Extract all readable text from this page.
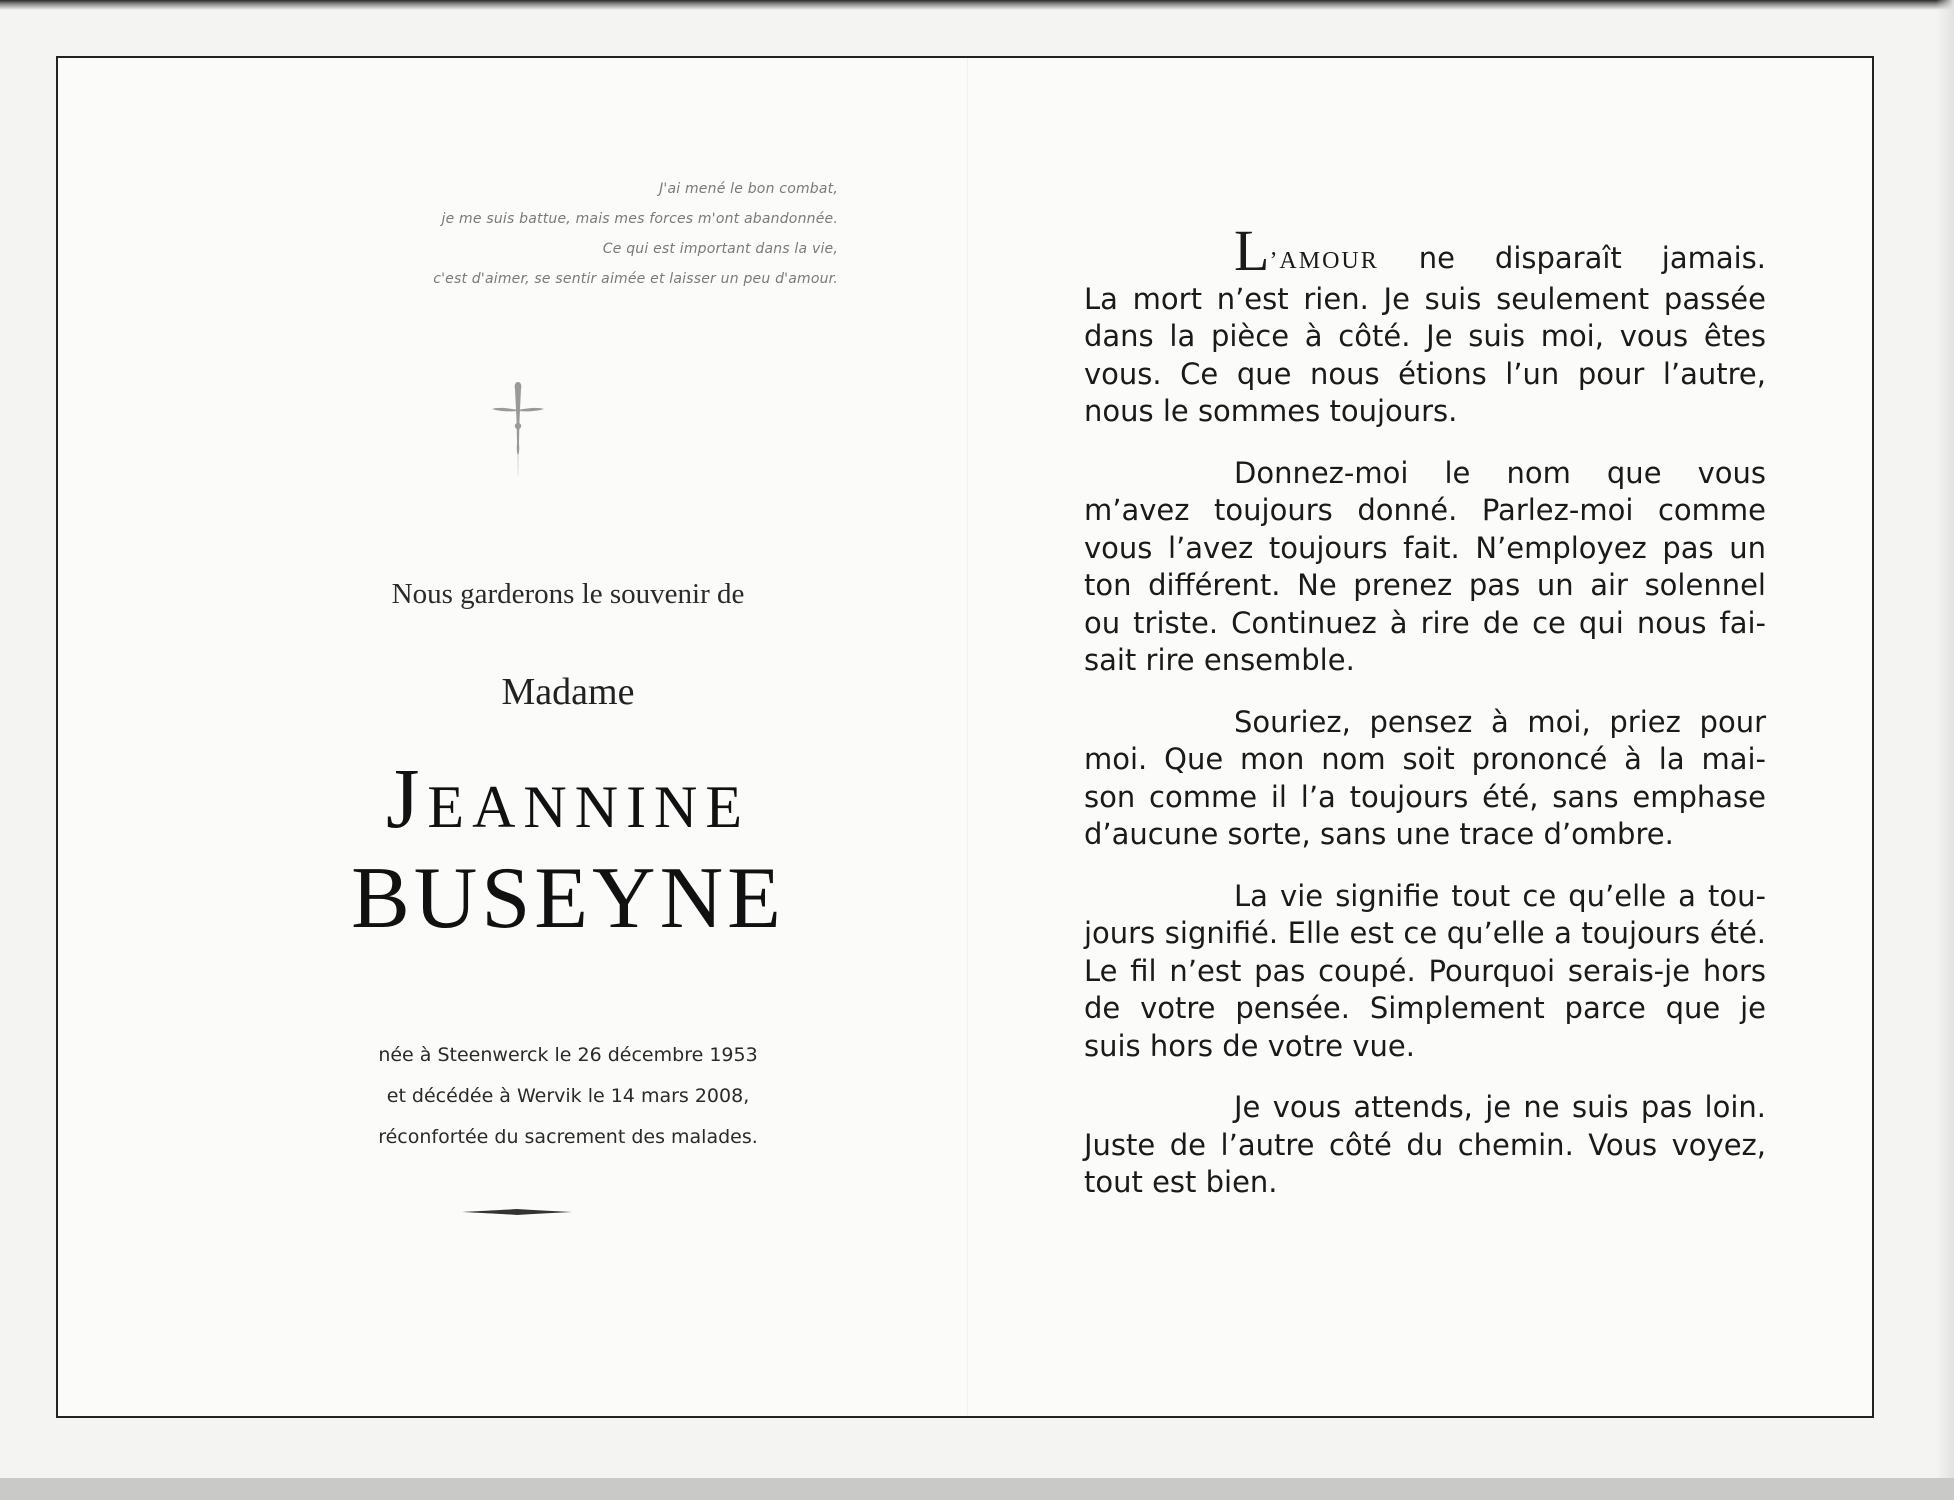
J'ai mené le bon combat,
je me suis battue, mais mes forces m'ont abandonnée.
Ce qui est important dans la vie,
c'est d'aimer, se sentir aimée et laisser un peu d'amour.
Nous garderons le souvenir de
Madame
JEANNINE
BUSEYNE
née à Steenwerck le 26 décembre 1953
et décédée à Wervik le 14 mars 2008,
réconfortée du sacrement des malades.
L’AMOUR ne disparaît jamais.
La mort n’est rien. Je suis seulement passée
dans la pièce à côté. Je suis moi, vous êtes
vous. Ce que nous étions l’un pour l’autre,
nous le sommes toujours.
Donnez-moi le nom que vous
m’avez toujours donné. Parlez-moi comme
vous l’avez toujours fait. N’employez pas un
ton différent. Ne prenez pas un air solennel
ou triste. Continuez à rire de ce qui nous fai-
sait rire ensemble.
Souriez, pensez à moi, priez pour
moi. Que mon nom soit prononcé à la mai-
son comme il l’a toujours été, sans emphase
d’aucune sorte, sans une trace d’ombre.
La vie signifie tout ce qu’elle a tou-
jours signifié. Elle est ce qu’elle a toujours été.
Le fil n’est pas coupé. Pourquoi serais-je hors
de votre pensée. Simplement parce que je
suis hors de votre vue.
Je vous attends, je ne suis pas loin.
Juste de l’autre côté du chemin. Vous voyez,
tout est bien.
